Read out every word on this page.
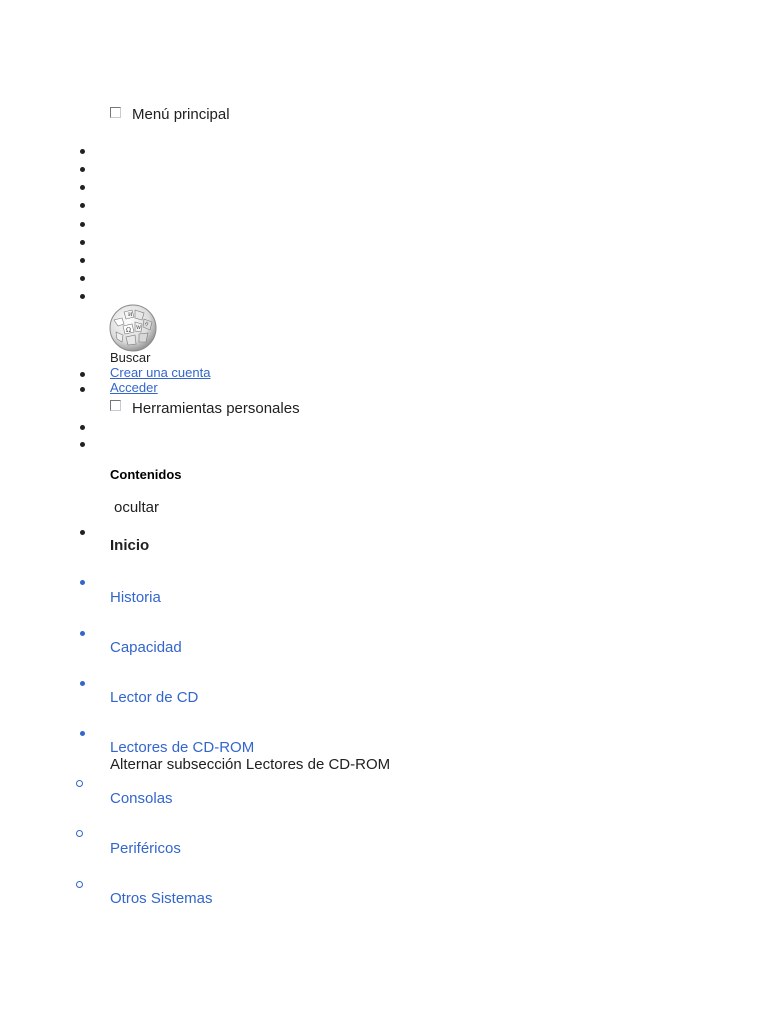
Menú principal
Ω W
И
ウ
Buscar
Crear una cuenta
Acceder
Herramientas personales
Contenidos
ocultar
Inicio
Historia
Capacidad
Lector de CD
Lectores de CD-ROM
Alternar subsección Lectores de CD-ROM
Consolas
Periféricos
Otros Sistemas
